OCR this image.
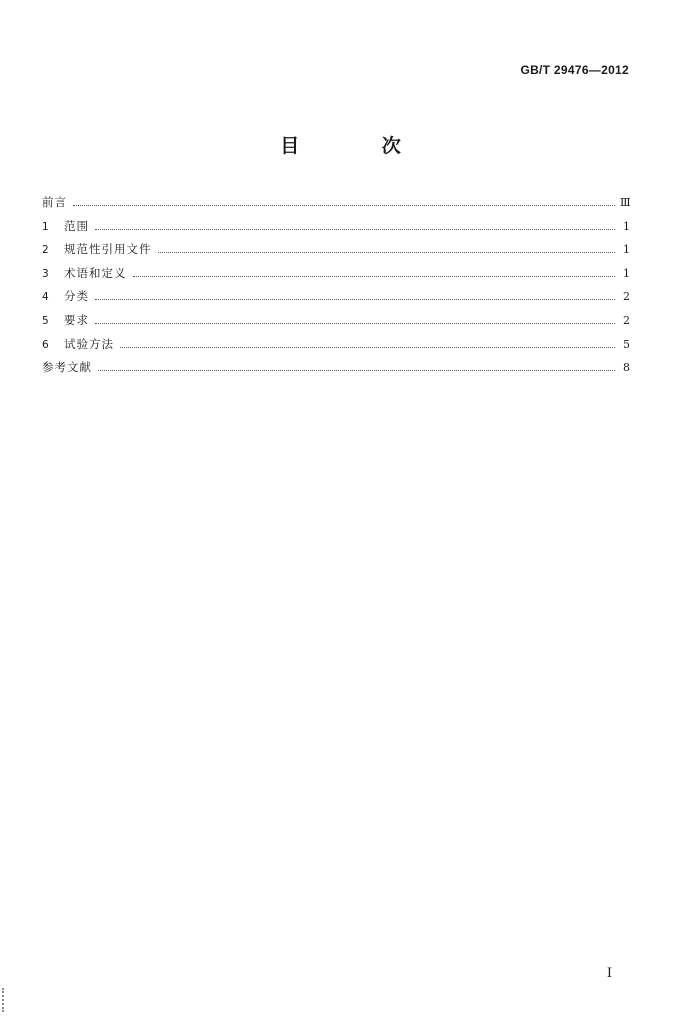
GB/T 29476—2012
目 次
前言	Ⅲ
1	范围	1
2	规范性引用文件	1
3	术语和定义	1
4	分类	2
5	要求	2
6	试验方法	5
参考文献	8
I
